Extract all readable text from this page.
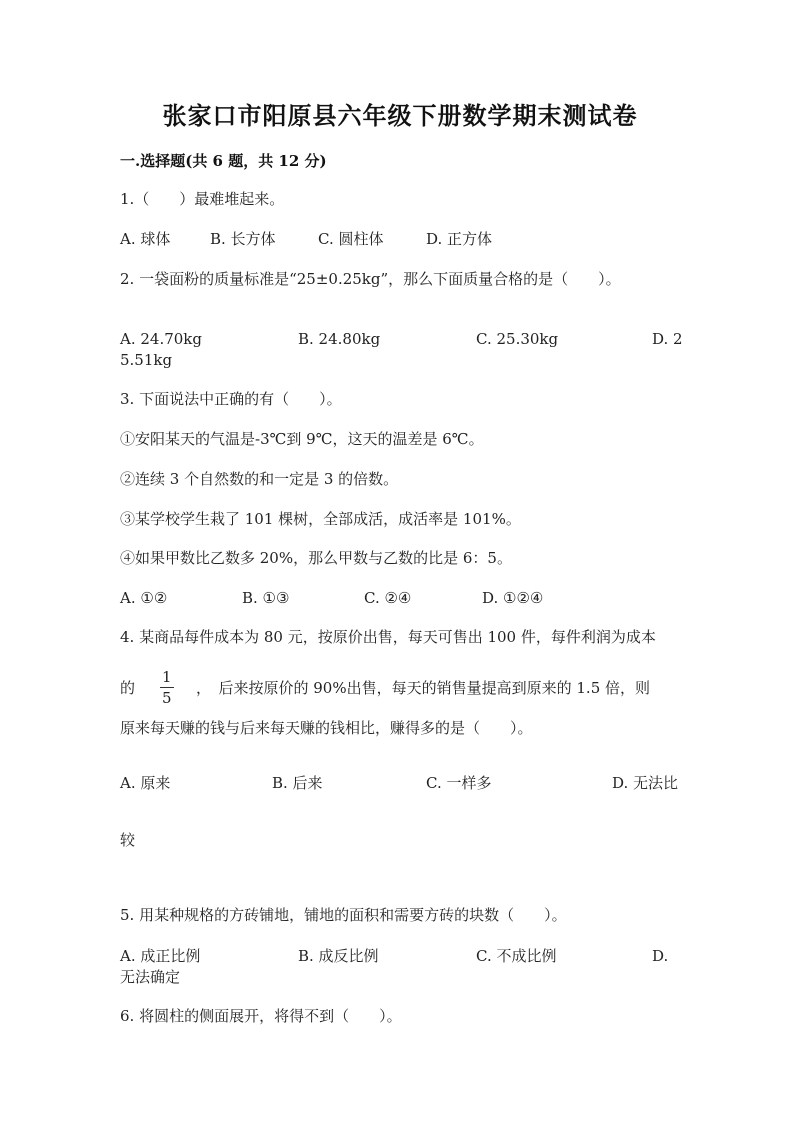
张家口市阳原县六年级下册数学期末测试卷
一.选择题(共 6 题，共 12 分)
1.（　　）最难堆起来。
A. 球体	B. 长方体	C. 圆柱体	D. 正方体
2. 一袋面粉的质量标准是“25±0.25kg”，那么下面质量合格的是（　　）。
A. 24.70kg	B. 24.80kg	C. 25.30kg	D. 2
5.51kg
3. 下面说法中正确的有（　　）。
①安阳某天的气温是-3℃到 9℃，这天的温差是 6℃。
②连续 3 个自然数的和一定是 3 的倍数。
③某学校学生栽了 101 棵树，全部成活，成活率是 101%。
④如果甲数比乙数多 20%，那么甲数与乙数的比是 6：5。
A. ①②	B. ①③	C. ②④	D. ①②④
4. 某商品每件成本为 80 元，按原价出售，每天可售出 100 件，每件利润为成本
的 $\frac{1}{5}$ ，　后来按原价的 90%出售，每天的销售量提高到原来的 1.5 倍，则
原来每天赚的钱与后来每天赚的钱相比，赚得多的是（　　）。
A. 原来	B. 后来	C. 一样多	D. 无法比
较
5. 用某种规格的方砖铺地，铺地的面积和需要方砖的块数（　　）。
A. 成正比例	B. 成反比例	C. 不成比例	D.
无法确定
6. 将圆柱的侧面展开，将得不到（　　）。
